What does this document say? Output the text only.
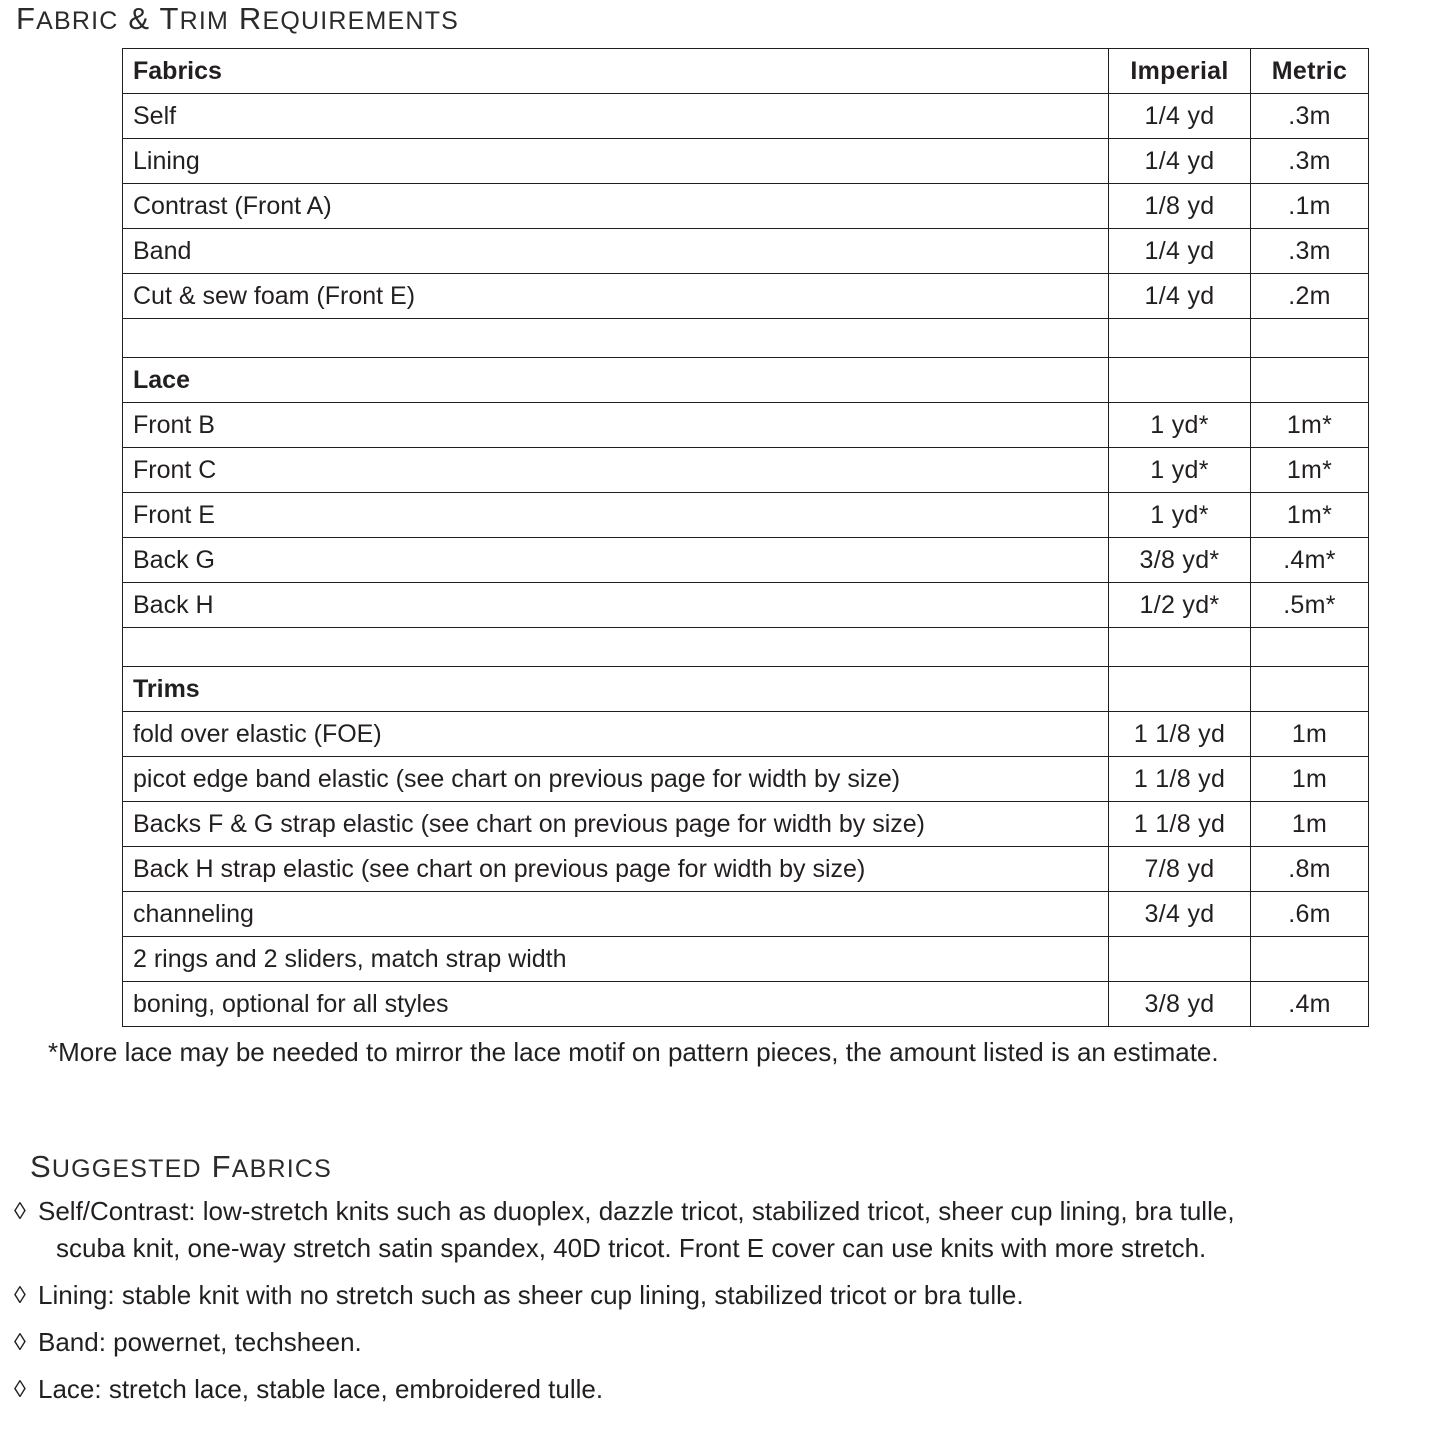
FABRIC & TRIM REQUIREMENTS
Fabrics	Imperial	Metric
Self	1/4 yd	.3m
Lining	1/4 yd	.3m
Contrast (Front A)	1/8 yd	.1m
Band	1/4 yd	.3m
Cut & sew foam (Front E)	1/4 yd	.2m

Lace		
Front B	1 yd*	1m*
Front C	1 yd*	1m*
Front E	1 yd*	1m*
Back G	3/8 yd*	.4m*
Back H	1/2 yd*	.5m*

Trims		
fold over elastic (FOE)	1 1/8 yd	1m
picot edge band elastic (see chart on previous page for width by size)	1 1/8 yd	1m
Backs F & G strap elastic (see chart on previous page for width by size)	1 1/8 yd	1m
Back H strap elastic (see chart on previous page for width by size)	7/8 yd	.8m
channeling	3/4 yd	.6m
2 rings and 2 sliders, match strap width		
boning, optional for all styles	3/8 yd	.4m
*More lace may be needed to mirror the lace motif on pattern pieces, the amount listed is an estimate.
SUGGESTED FABRICS
◊ Self/Contrast: low-stretch knits such as duoplex, dazzle tricot, stabilized tricot, sheer cup lining, bra tulle,
scuba knit, one-way stretch satin spandex, 40D tricot. Front E cover can use knits with more stretch.
◊ Lining: stable knit with no stretch such as sheer cup lining, stabilized tricot or bra tulle.
◊ Band: powernet, techsheen.
◊ Lace: stretch lace, stable lace, embroidered tulle.
